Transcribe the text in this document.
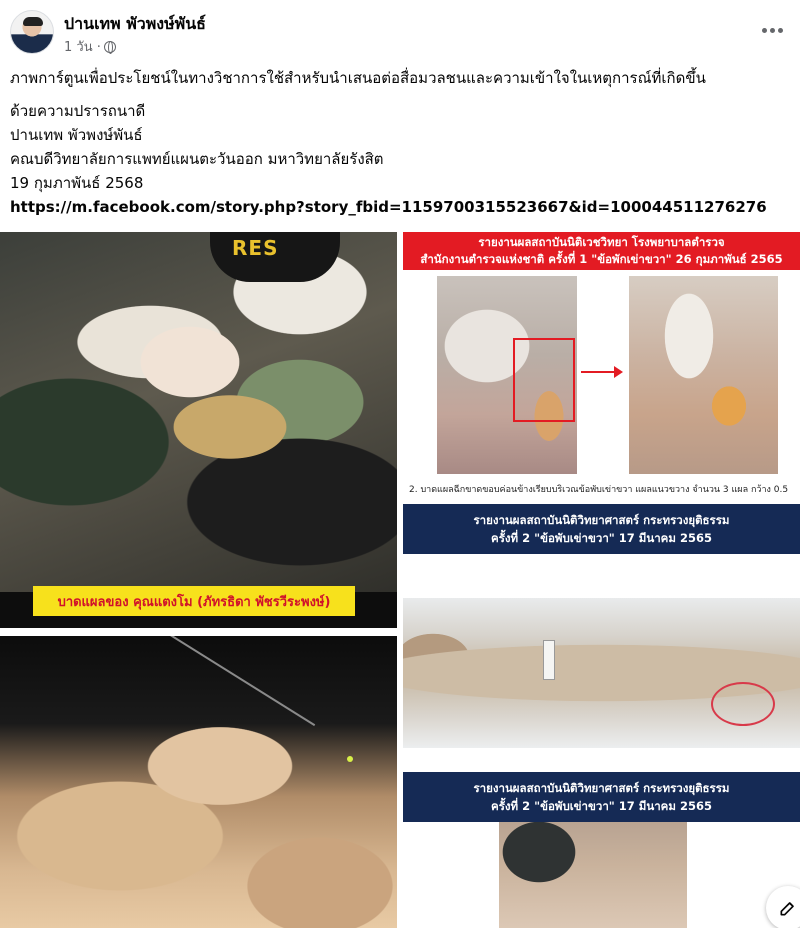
ปานเทพ พัวพงษ์พันธ์
1 วัน ·

ภาพการ์ตูนเพื่อประโยชน์ในทางวิชาการใช้สำหรับนำเสนอต่อสื่อมวลชนและความเข้าใจในเหตุการณ์ที่เกิดขึ้น

ด้วยความปรารถนาดี

ปานเทพ พัวพงษ์พันธ์

คณบดีวิทยาลัยการแพทย์แผนตะวันออก มหาวิทยาลัยรังสิต

19 กุมภาพันธ์ 2568

https://m.facebook.com/story.php?story_fbid=1159700315523667&id=100044511276276

RES
บาดแผลของ คุณแตงโม (ภัทรธิดา พัชรวีระพงษ์)

รายงานผลสถาบันนิติเวชวิทยา โรงพยาบาลตำรวจ

สำนักงานตำรวจแห่งชาติ ครั้งที่ 1 "ข้อพักเข่าขวา" 26 กุมภาพันธ์ 2565

2. บาดแผลฉีกขาดขอบค่อนข้างเรียบบริเวณข้อพับเข่าขวา แผลแนวขวาง จำนวน 3 แผล กว้าง 0.5

รายงานผลสถาบันนิติวิทยาศาสตร์ กระทรวงยุติธรรม

ครั้งที่ 2 "ข้อพับเข่าขวา" 17 มีนาคม 2565

รายงานผลสถาบันนิติวิทยาศาสตร์ กระทรวงยุติธรรม

ครั้งที่ 2 "ข้อพับเข่าขวา" 17 มีนาคม 2565
